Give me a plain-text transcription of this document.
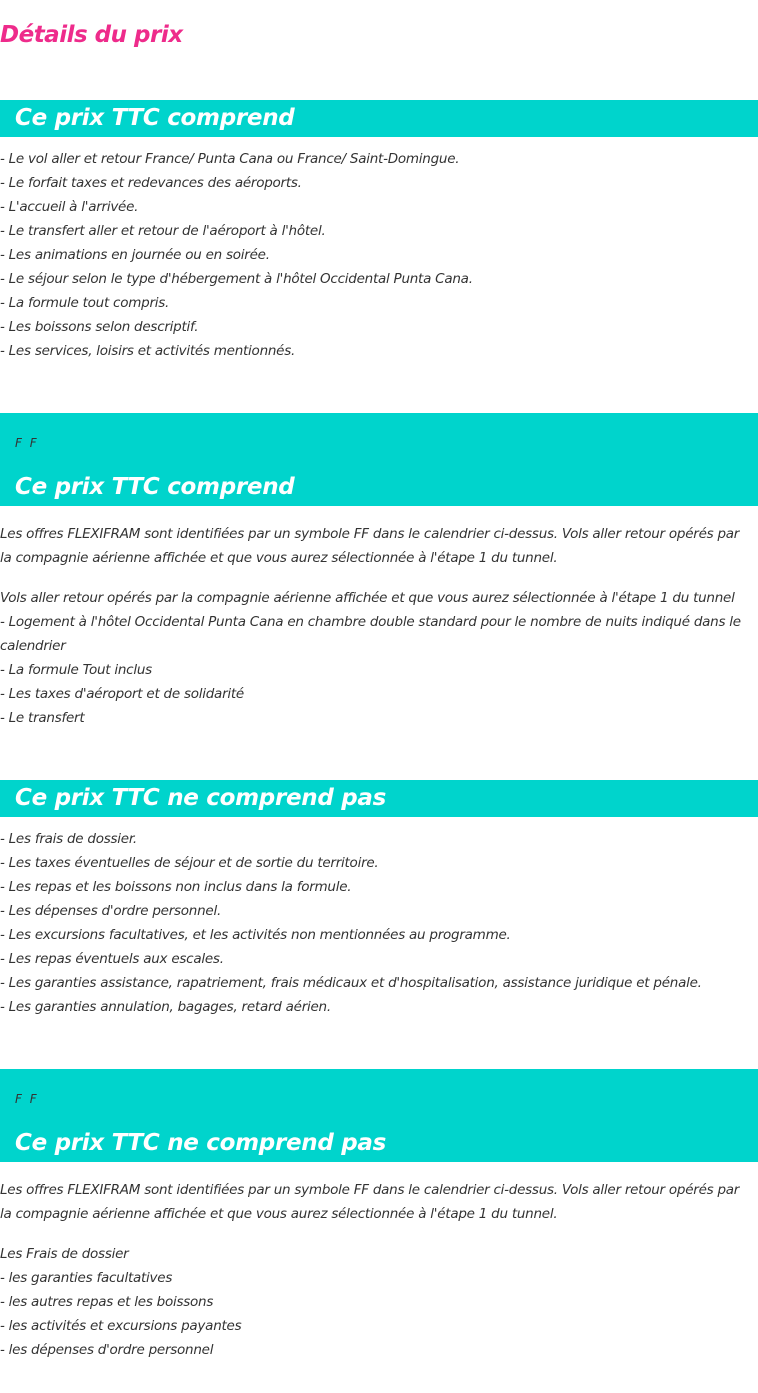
Détails du prix
Ce prix TTC comprend
- Le vol aller et retour France/ Punta Cana ou France/ Saint-Domingue.
- Le forfait taxes et redevances des aéroports.
- L'accueil à l'arrivée.
- Le transfert aller et retour de l'aéroport à l'hôtel.
- Les animations en journée ou en soirée.
- Le séjour selon le type d'hébergement à l'hôtel Occidental Punta Cana.
- La formule tout compris.
- Les boissons selon descriptif.
- Les services, loisirs et activités mentionnés.
F F
Ce prix TTC comprend

Les offres FLEXIFRAM sont identifiées par un symbole FF dans le calendrier ci-dessus. Vols aller retour opérés par la compagnie aérienne affichée et que vous aurez sélectionnée à l'étape 1 du tunnel.

Vols aller retour opérés par la compagnie aérienne affichée et que vous aurez sélectionnée à l'étape 1 du tunnel
- Logement à l'hôtel Occidental Punta Cana en chambre double standard pour le nombre de nuits indiqué dans le calendrier
- La formule Tout inclus
- Les taxes d'aéroport et de solidarité
- Le transfert
Ce prix TTC ne comprend pas
- Les frais de dossier.
- Les taxes éventuelles de séjour et de sortie du territoire.
- Les repas et les boissons non inclus dans la formule.
- Les dépenses d'ordre personnel.
- Les excursions facultatives, et les activités non mentionnées au programme.
- Les repas éventuels aux escales.
- Les garanties assistance, rapatriement, frais médicaux et d'hospitalisation, assistance juridique et pénale.
- Les garanties annulation, bagages, retard aérien.
F F
Ce prix TTC ne comprend pas

Les offres FLEXIFRAM sont identifiées par un symbole FF dans le calendrier ci-dessus. Vols aller retour opérés par la compagnie aérienne affichée et que vous aurez sélectionnée à l'étape 1 du tunnel.

Les Frais de dossier
- les garanties facultatives
- les autres repas et les boissons
- les activités et excursions payantes
- les dépenses d'ordre personnel
